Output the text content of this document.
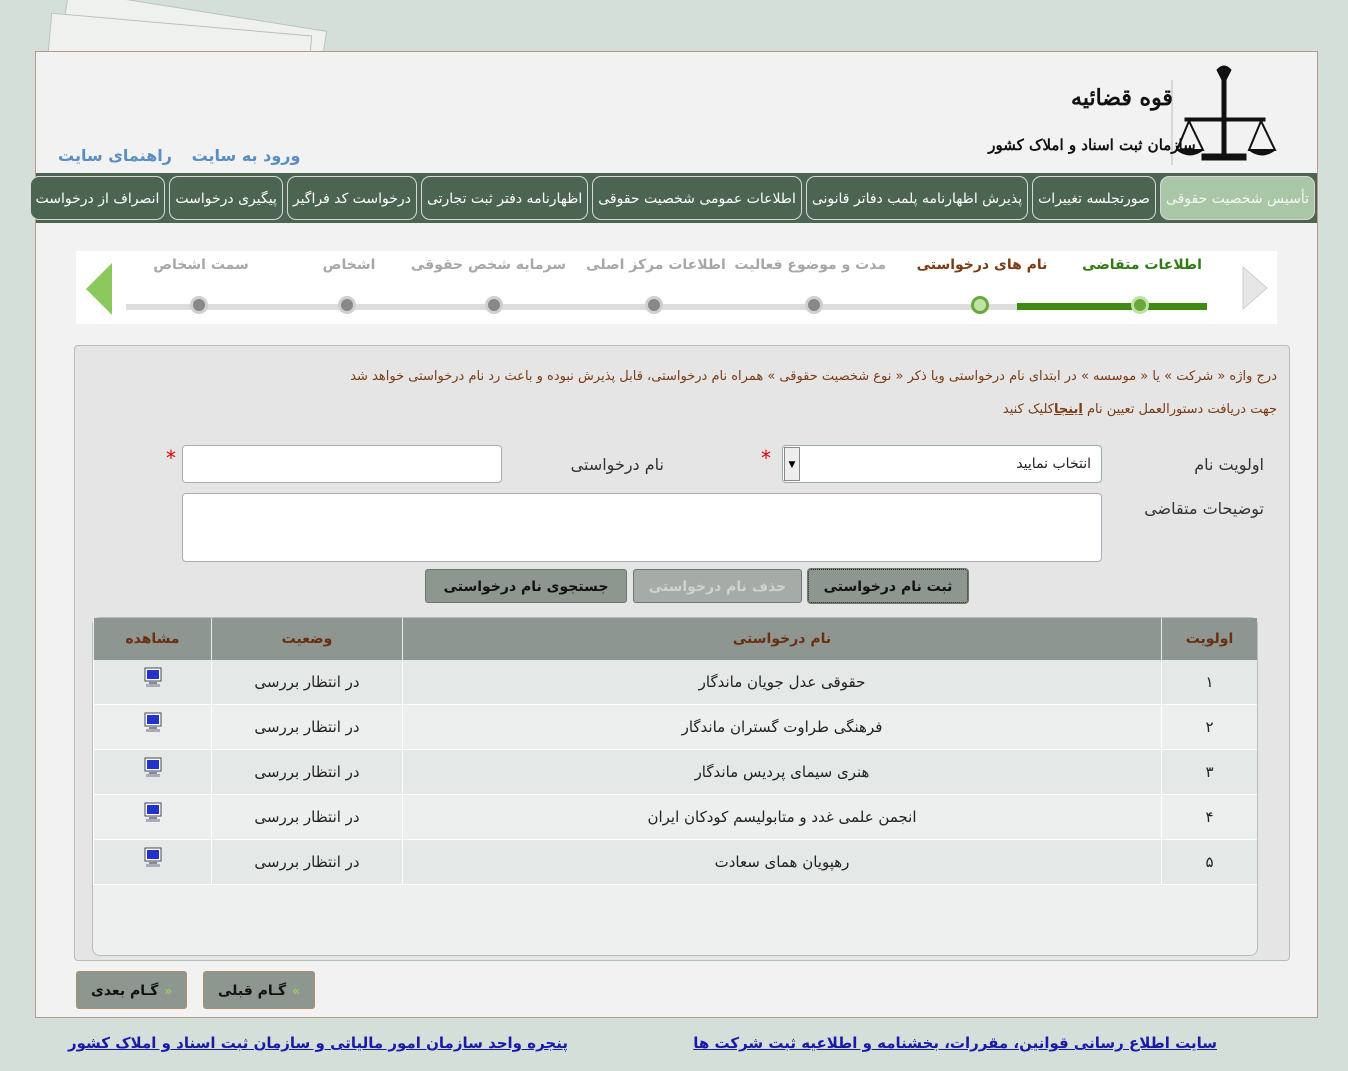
قوه قضائیه
سازمان ثبت اسناد و املاک کشور
ورود به سایت راهنمای سایت
تأسیس شخصیت حقوقی
صورتجلسه تغییرات
پذیرش اظهارنامه پلمب دفاتر قانونی
اطلاعات عمومی شخصیت حقوقی
اظهارنامه دفتر ثبت تجارتی
درخواست کد فراگیر
پیگیری درخواست
انصراف از درخواست
اطلاعات متقاضی
نام های درخواستی
مدت و موضوع فعالیت
اطلاعات مرکز اصلی
سرمایه شخص حقوقی
اشخاص
سمت اشخاص
درج واژه « شرکت » یا « موسسه » در ابتدای نام درخواستی ویا ذکر « نوع شخصیت حقوقی » همراه نام درخواستی، قابل پذیرش نبوده و باعث رد نام درخواستی خواهد شد
جهت دریافت دستورالعمل تعیین نام اینجاکلیک کنید
اولویت نام
*	انتخاب نمایید
▼
نام درخواستی
*
توضیحات متقاضی
ثبت نام درخواستی
حذف نام درخواستی
جستجوی نام درخواستی
اولویت	نام درخواستی	وضعیت	مشاهده
۱	حقوقی عدل جویان ماندگار	در انتظار بررسی	
۲	فرهنگی طراوت گستران ماندگار	در انتظار بررسی	
۳	هنری سیمای پردیس ماندگار	در انتظار بررسی	
۴	انجمن علمی غدد و متابولیسم کودکان ایران	در انتظار بررسی	
۵	رهپویان همای سعادت	در انتظار بررسی	
»گـام قبلی
«گـام بعدی
سایت اطلاع رسانی قوانین، مقررات، بخشنامه و اطلاعیه ثبت شرکت ها
پنجره واحد سازمان امور مالیاتی و سازمان ثبت اسناد و املاک کشور
